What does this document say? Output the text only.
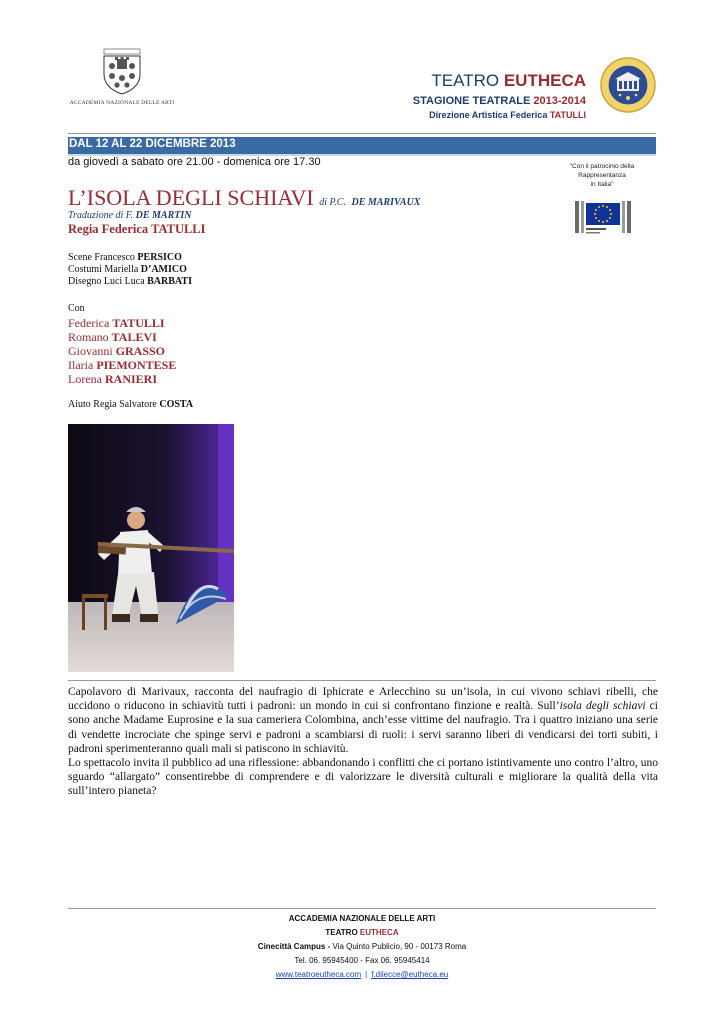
ACCADEMIA NAZIONALE DELLE ARTI
TEATRO EUTHECA
STAGIONE TEATRALE 2013-2014
Direzione Artistica Federica TATULLI
DAL 12 AL 22 DICEMBRE 2013
da giovedì a sabato ore 21.00 - domenica ore 17.30	“Con il patrocinio della
Rappresentanza
in Italia”
L’ISOLA DEGLI SCHIAVI di P.C. DE MARIVAUX
Traduzione di F. DE MARTIN
Regia Federica TATULLI
Scene Francesco PERSICO
Costumi Mariella D’AMICO
Disegno Luci Luca BARBATI
Con
Federica TATULLI
Romano TALEVI
Giovanni GRASSO
Ilaria PIEMONTESE
Lorena RANIERI
Aiuto Regia Salvatore COSTA

Capolavoro di Marivaux, racconta del naufragio di Iphicrate e Arlecchino su un’isola, in cui vivono schiavi ribelli, che uccidono o riducono in schiavitù tutti i padroni: un mondo in cui si confrontano finzione e realtà. Sull’isola degli schiavi ci sono anche Madame Euprosine e la sua cameriera Colombina, anch’esse vittime del naufragio. Tra i quattro iniziano una serie di vendette incrociate che spinge servi e padroni a scambiarsi di ruoli: i servi saranno liberi di vendicarsi dei torti subiti, i padroni sperimenteranno quali mali si patiscono in schiavitù.

Lo spettacolo invita il pubblico ad una riflessione: abbandonando i conflitti che ci portano istintivamente uno contro l’altro, uno sguardo “allargato” consentirebbe di comprendere e di valorizzare le diversità culturali e migliorare la qualità della vita sull’intero pianeta?

ACCADEMIA NAZIONALE DELLE ARTI
TEATRO EUTHECA
Cinecittà Campus - Via Quinto Publicio, 90 - 00173 Roma
Tel. 06. 95945400 - Fax 06. 95945414
www.teatroeutheca.com | f.dilecce@eutheca.eu
